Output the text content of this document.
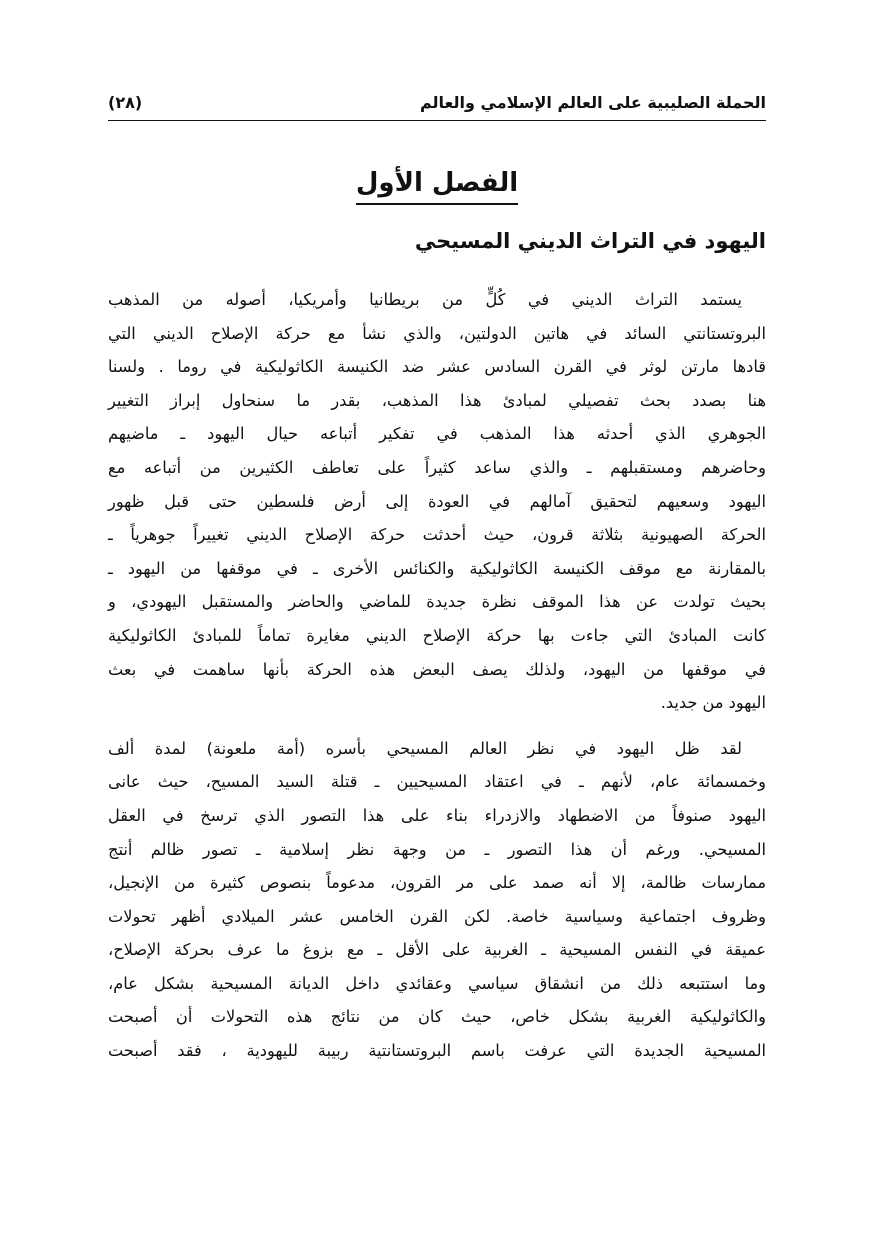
الحملة الصليبية على العالم الإسلامي والعالم
(٢٨)
الفصل الأول
اليهود في التراث الديني المسيحي
يستمد التراث الديني في كُلٍّ من بريطانيا وأمريكيا، أصوله من المذهب
البروتستانتي السائد في هاتين الدولتين، والذي نشأ مع حركة الإصلاح الديني التي
قادها مارتن لوثر في القرن السادس عشر ضد الكنيسة الكاثوليكية في روما . ولسنا
هنا بصدد بحث تفصيلي لمبادئ هذا المذهب، بقدر ما سنحاول إبراز التغيير
الجوهري الذي أحدثه هذا المذهب في تفكير أتباعه حيال اليهود ـ ماضيهم
وحاضرهم ومستقبلهم ـ والذي ساعد كثيراً على تعاطف الكثيرين من أتباعه مع
اليهود وسعيهم لتحقيق آمالهم في العودة إلى أرض فلسطين حتى قبل ظهور
الحركة الصهيونية بثلاثة قرون، حيث أحدثت حركة الإصلاح الديني تغييراً جوهرياً ـ
بالمقارنة مع موقف الكنيسة الكاثوليكية والكنائس الأخرى ـ في موقفها من اليهود ـ
بحيث تولدت عن هذا الموقف نظرة جديدة للماضي والحاضر والمستقبل اليهودي، و
كانت المبادئ التي جاءت بها حركة الإصلاح الديني مغايرة تماماً للمبادئ الكاثوليكية
في موقفها من اليهود، ولذلك يصف البعض هذه الحركة بأنها ساهمت في بعث
اليهود من جديد.
لقد ظل اليهود في نظر العالم المسيحي بأسره (أمة ملعونة) لمدة ألف
وخمسمائة عام، لأنهم ـ في اعتقاد المسيحيين ـ قتلة السيد المسيح، حيث عانى
اليهود صنوفاً من الاضطهاد والازدراء بناء على هذا التصور الذي ترسخ في العقل
المسيحي. ورغم أن هذا التصور ـ من وجهة نظر إسلامية ـ تصور ظالم أنتج
ممارسات ظالمة، إلا أنه صمد على مر القرون، مدعوماً بنصوص كثيرة من الإنجيل،
وظروف اجتماعية وسياسية خاصة. لكن القرن الخامس عشر الميلادي أظهر تحولات
عميقة في النفس المسيحية ـ الغربية على الأقل ـ مع بزوغ ما عرف بحركة الإصلاح،
وما استتبعه ذلك من انشقاق سياسي وعقائدي داخل الديانة المسيحية بشكل عام،
والكاثوليكية الغربية بشكل خاص، حيث كان من نتائج هذه التحولات أن أصبحت
المسيحية الجديدة التي عرفت باسم البروتستانتية ربيبة لليهودية ، فقد أصبحت
